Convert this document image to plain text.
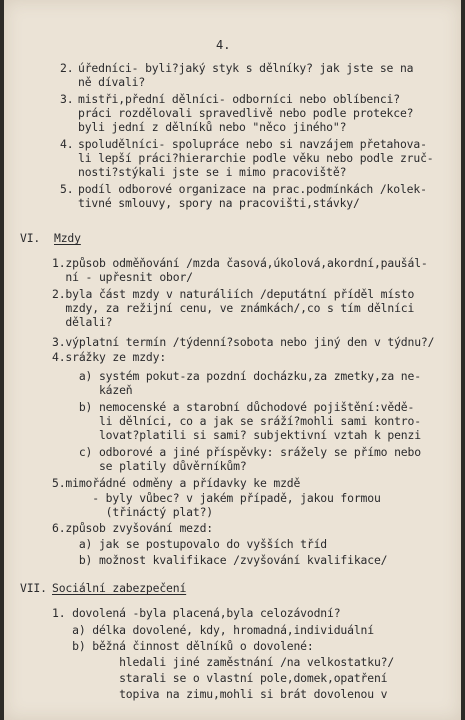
4.
2. úředníci- byli?jaký styk s dělníky? jak jste se na
ně dívali?
3. mistři,přední dělníci- odborníci nebo oblíbenci?
práci rozdělovali spravedlivě nebo podle protekce?
byli jední z dělníků nebo "něco jiného"?
4. spoludělníci- spolupráce nebo si navzájem přetahova-
li lepší práci?hierarchie podle věku nebo podle zruč-
nosti?stýkali jste se i mimo pracoviště?
5. podíl odborové organizace na prac.podmínkách /kolek-
tivné smlouvy, spory na pracovišti,stávky/
VI. Mzdy
1.způsob odměňování /mzda časová,úkolová,akordní,paušál-
ní - upřesnit obor/
2.byla část mzdy v naturáliích /deputátní příděl místo
mzdy, za režijní cenu, ve známkách/,co s tím dělníci
dělali?
3.výplatní termín /týdenní?sobota nebo jiný den v týdnu?/
4.srážky ze mzdy:
a) systém pokut-za pozdní docházku,za zmetky,za ne-
kázeň
b) nemocenské a starobní důchodové pojištění:vědě-
li dělníci, co a jak se sráží?mohli sami kontro-
lovat?platili si sami? subjektivní vztah k penzi
c) odborové a jiné příspěvky: srážely se přímo nebo
se platily důvěrníkům?
5.mimořádné odměny a přídavky ke mzdě
- byly vůbec? v jakém případě, jakou formou
(třináctý plat?)
6.způsob zvyšování mezd:
a) jak se postupovalo do vyšších tříd
b) možnost kvalifikace /zvyšování kvalifikace/
VII. Sociální zabezpečení
1. dovolená -byla placená,byla celozávodní?
a) délka dovolené, kdy, hromadná,individuální
b) běžná činnost dělníků o dovolené:
hledali jiné zaměstnání /na velkostatku?/
starali se o vlastní pole,domek,opatření
topiva na zimu,mohli si brát dovolenou v
